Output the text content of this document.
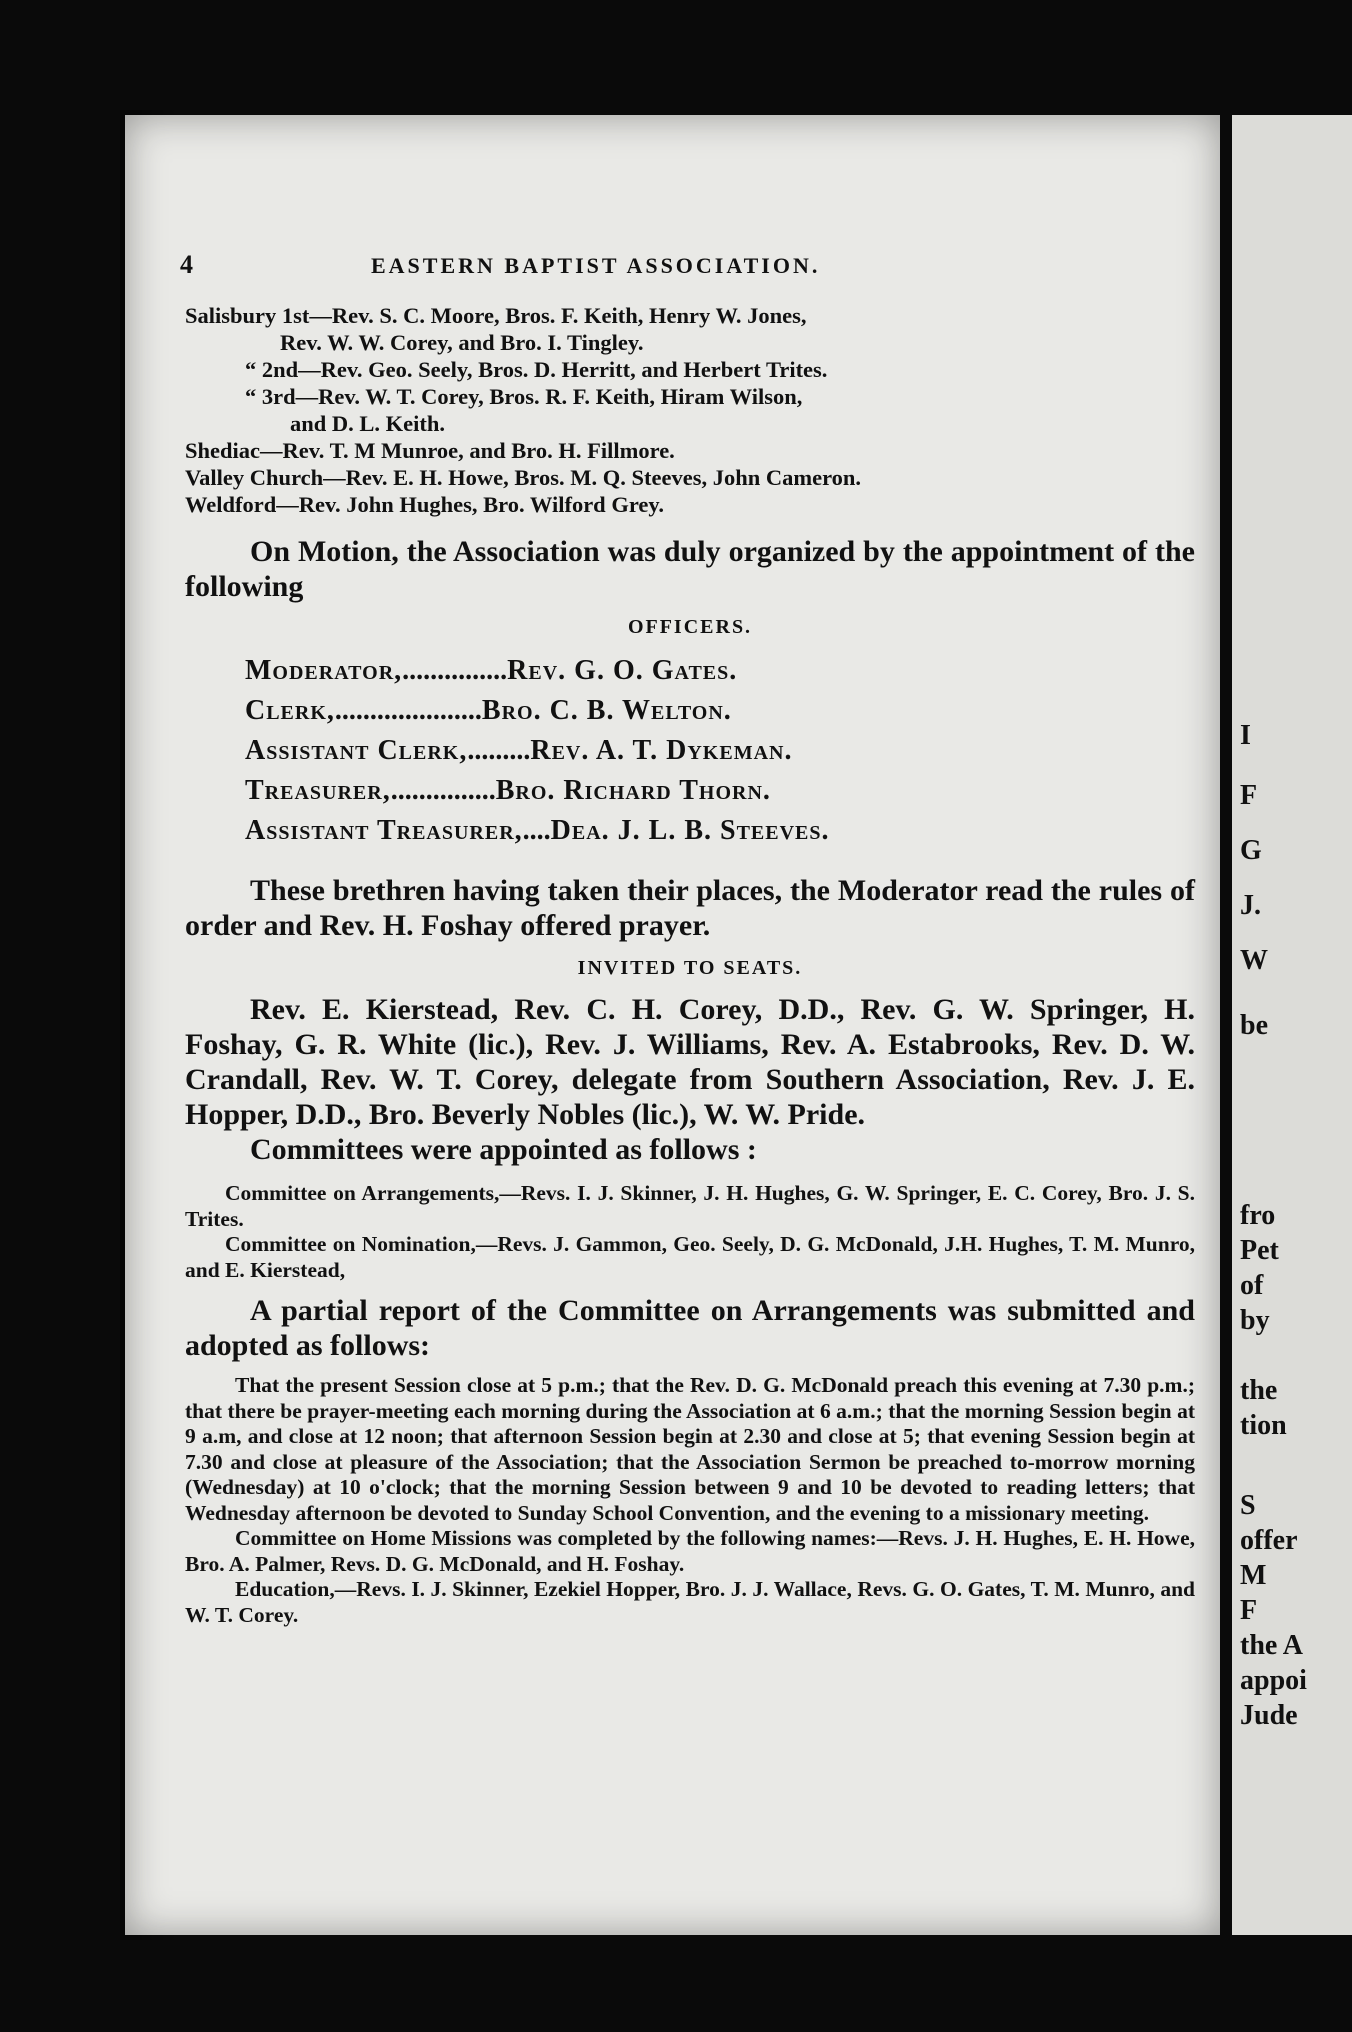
4	EASTERN BAPTIST ASSOCIATION.
Salisbury 1st—Rev. S. C. Moore, Bros. F. Keith, Henry W. Jones,
Rev. W. W. Corey, and Bro. I. Tingley.
“ 2nd—Rev. Geo. Seely, Bros. D. Herritt, and Herbert Trites.
“ 3rd—Rev. W. T. Corey, Bros. R. F. Keith, Hiram Wilson,
and D. L. Keith.
Shediac—Rev. T. M Munroe, and Bro. H. Fillmore.
Valley Church—Rev. E. H. Howe, Bros. M. Q. Steeves, John Cameron.
Weldford—Rev. John Hughes, Bro. Wilford Grey.
On Motion, the Association was duly organized by the appointment of the following
OFFICERS.
Moderator, ............... Rev. G. O. Gates.
Clerk, ..................... Bro. C. B. Welton.
Assistant Clerk, ......... Rev. A. T. Dykeman.
Treasurer, ............... Bro. Richard Thorn.
Assistant Treasurer, .... Dea. J. L. B. Steeves.
These brethren having taken their places, the Moderator read the rules of order and Rev. H. Foshay offered prayer.
INVITED TO SEATS.
Rev. E. Kierstead, Rev. C. H. Corey, D.D., Rev. G. W. Springer, H. Foshay, G. R. White (lic.), Rev. J. Williams, Rev. A. Estabrooks, Rev. D. W. Crandall, Rev. W. T. Corey, delegate from Southern Association, Rev. J. E. Hopper, D.D., Bro. Beverly Nobles (lic.), W. W. Pride.
Committees were appointed as follows :
Committee on Arrangements,—Revs. I. J. Skinner, J. H. Hughes, G. W. Springer, E. C. Corey, Bro. J. S. Trites.
Committee on Nomination,—Revs. J. Gammon, Geo. Seely, D. G. McDonald, J.H. Hughes, T. M. Munro, and E. Kierstead,
A partial report of the Committee on Arrangements was submitted and adopted as follows:
That the present Session close at 5 p.m.; that the Rev. D. G. McDonald preach this evening at 7.30 p.m.; that there be prayer-meeting each morning during the Association at 6 a.m.; that the morning Session begin at 9 a.m, and close at 12 noon; that afternoon Session begin at 2.30 and close at 5; that evening Session begin at 7.30 and close at pleasure of the Association; that the Association Sermon be preached to-morrow morning (Wednesday) at 10 o'clock; that the morning Session between 9 and 10 be devoted to reading letters; that Wednesday afternoon be devoted to Sunday School Convention, and the evening to a missionary meeting.
Committee on Home Missions was completed by the following names:—Revs. J. H. Hughes, E. H. Howe, Bro. A. Palmer, Revs. D. G. McDonald, and H. Foshay.
Education,—Revs. I. J. Skinner, Ezekiel Hopper, Bro. J. J. Wallace, Revs. G. O. Gates, T. M. Munro, and W. T. Corey.
I
F
G
J.
W
be
fro
Pet
of
by
the
tion
S
offer
M
F
the A
appoi
Jude
